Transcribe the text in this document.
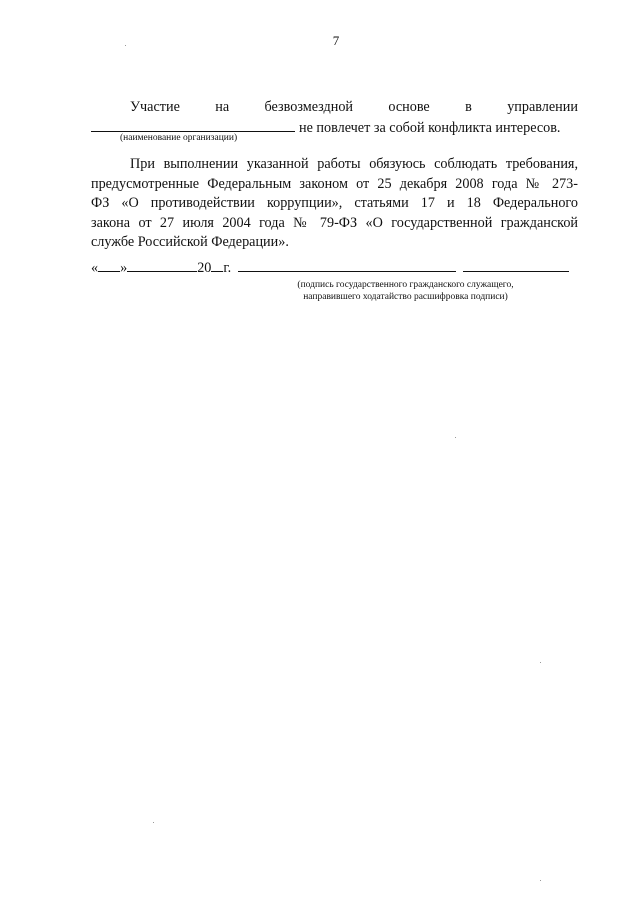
7
Участие на безвозмездной основе в управлении
не повлечет за собой конфликта интересов.
(наименование организации)
При выполнении указанной работы обязуюсь соблюдать требования,
предусмотренные Федеральным законом от 25 декабря 2008 года № 273-
ФЗ «О противодействии коррупции», статьями 17 и 18 Федерального
закона от 27 июля 2004 года № 79-ФЗ «О государственной гражданской
службе Российской Федерации».
« »	20 г.
(подпись государственного гражданского служащего,
направившего ходатайство расшифровка подписи)
